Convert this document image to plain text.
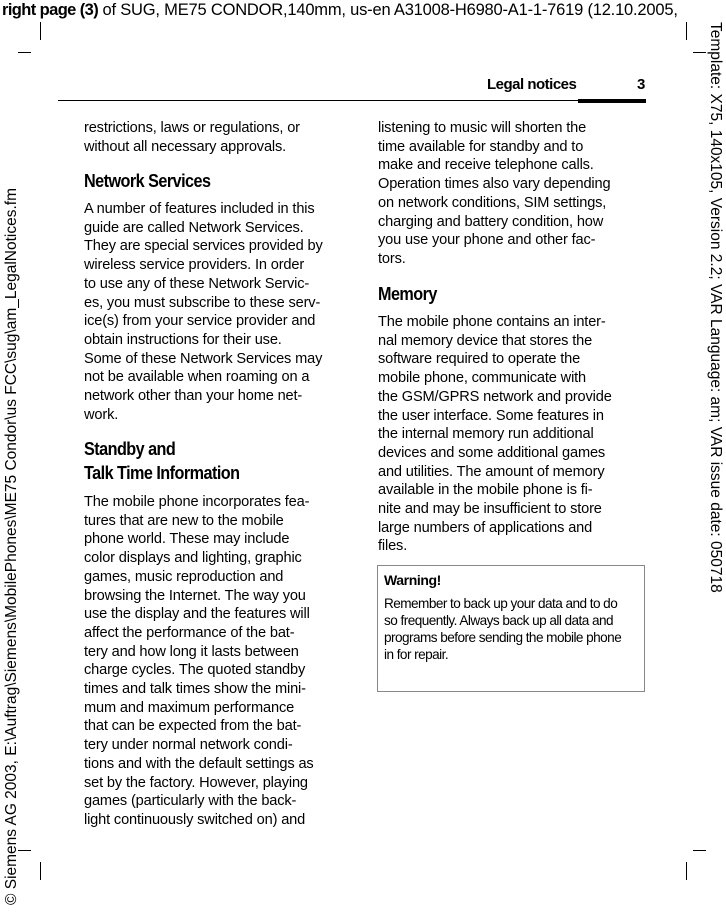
right page (3) of SUG, ME75 CONDOR,140mm, us-en A31008-H6980-A1-1-7619 (12.10.2005,
© Siemens AG 2003, E:\Auftrag\Siemens\MobilePhones\ME75 Condor\us FCC\sug\am_LegalNotices.fm	Template: X75, 140x105, Version 2.2; VAR Language: am; VAR issue date: 050718
Legal notices	3
restrictions, laws or regulations, or
without all necessary approvals.
Network Services
A number of features included in this
guide are called Network Services.
They are special services provided by
wireless service providers. In order
to use any of these Network Servic-
es, you must subscribe to these serv-
ice(s) from your service provider and
obtain instructions for their use.
Some of these Network Services may
not be available when roaming on a
network other than your home net-
work.
Standby and
Talk Time Information
The mobile phone incorporates fea-
tures that are new to the mobile
phone world. These may include
color displays and lighting, graphic
games, music reproduction and
browsing the Internet. The way you
use the display and the features will
affect the performance of the bat-
tery and how long it lasts between
charge cycles. The quoted standby
times and talk times show the mini-
mum and maximum performance
that can be expected from the bat-
tery under normal network condi-
tions and with the default settings as
set by the factory. However, playing
games (particularly with the back-
light continuously switched on) and
listening to music will shorten the
time available for standby and to
make and receive telephone calls.
Operation times also vary depending
on network conditions, SIM settings,
charging and battery condition, how
you use your phone and other fac-
tors.
Memory
The mobile phone contains an inter-
nal memory device that stores the
software required to operate the
mobile phone, communicate with
the GSM/GPRS network and provide
the user interface. Some features in
the internal memory run additional
devices and some additional games
and utilities. The amount of memory
available in the mobile phone is fi-
nite and may be insufficient to store
large numbers of applications and
files.
Warning!
Remember to back up your data and to do
so frequently. Always back up all data and
programs before sending the mobile phone
in for repair.
